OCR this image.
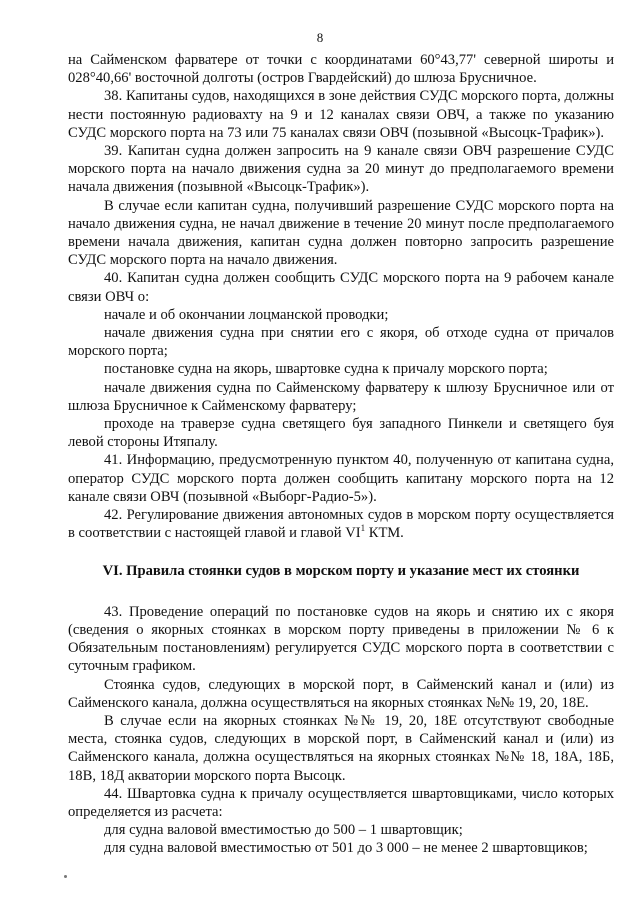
8

на Сайменском фарватере от точки с координатами 60°43,77' северной широты и 028°40,66' восточной долготы (остров Гвардейский) до шлюза Брусничное.

38. Капитаны судов, находящихся в зоне действия СУДС морского порта, должны нести постоянную радиовахту на 9 и 12 каналах связи ОВЧ, а также по указанию СУДС морского порта на 73 или 75 каналах связи ОВЧ (позывной «Высоцк-Трафик»).

39. Капитан судна должен запросить на 9 канале связи ОВЧ разрешение СУДС морского порта на начало движения судна за 20 минут до предполагаемого времени начала движения (позывной «Высоцк-Трафик»).

В случае если капитан судна, получивший разрешение СУДС морского порта на начало движения судна, не начал движение в течение 20 минут после предполагаемого времени начала движения, капитан судна должен повторно запросить разрешение СУДС морского порта на начало движения.

40. Капитан судна должен сообщить СУДС морского порта на 9 рабочем канале связи ОВЧ о:

начале и об окончании лоцманской проводки;

начале движения судна при снятии его с якоря, об отходе судна от причалов морского порта;

постановке судна на якорь, швартовке судна к причалу морского порта;

начале движения судна по Сайменскому фарватеру к шлюзу Брусничное или от шлюза Брусничное к Сайменскому фарватеру;

проходе на траверзе судна светящего буя западного Пинкели и светящего буя левой стороны Итяпалу.

41. Информацию, предусмотренную пунктом 40, полученную от капитана судна, оператор СУДС морского порта должен сообщить капитану морского порта на 12 канале связи ОВЧ (позывной «Выборг-Радио-5»).

42. Регулирование движения автономных судов в морском порту осуществляется в соответствии с настоящей главой и главой $VI^1$ КТМ.

VI. Правила стоянки судов в морском порту и указание мест их стоянки

43. Проведение операций по постановке судов на якорь и снятию их с якоря (сведения о якорных стоянках в морском порту приведены в приложении № 6 к Обязательным постановлениям) регулируется СУДС морского порта в соответствии с суточным графиком.

Стоянка судов, следующих в морской порт, в Сайменский канал и (или) из Сайменского канала, должна осуществляться на якорных стоянках №№ 19, 20, 18Е.

В случае если на якорных стоянках №№ 19, 20, 18Е отсутствуют свободные места, стоянка судов, следующих в морской порт, в Сайменский канал и (или) из Сайменского канала, должна осуществляться на якорных стоянках №№ 18, 18А, 18Б, 18В, 18Д акватории морского порта Высоцк.

44. Швартовка судна к причалу осуществляется швартовщиками, число которых определяется из расчета:

для судна валовой вместимостью до 500 – 1 швартовщик;

для судна валовой вместимостью от 501 до 3 000 – не менее 2 швартовщиков;
